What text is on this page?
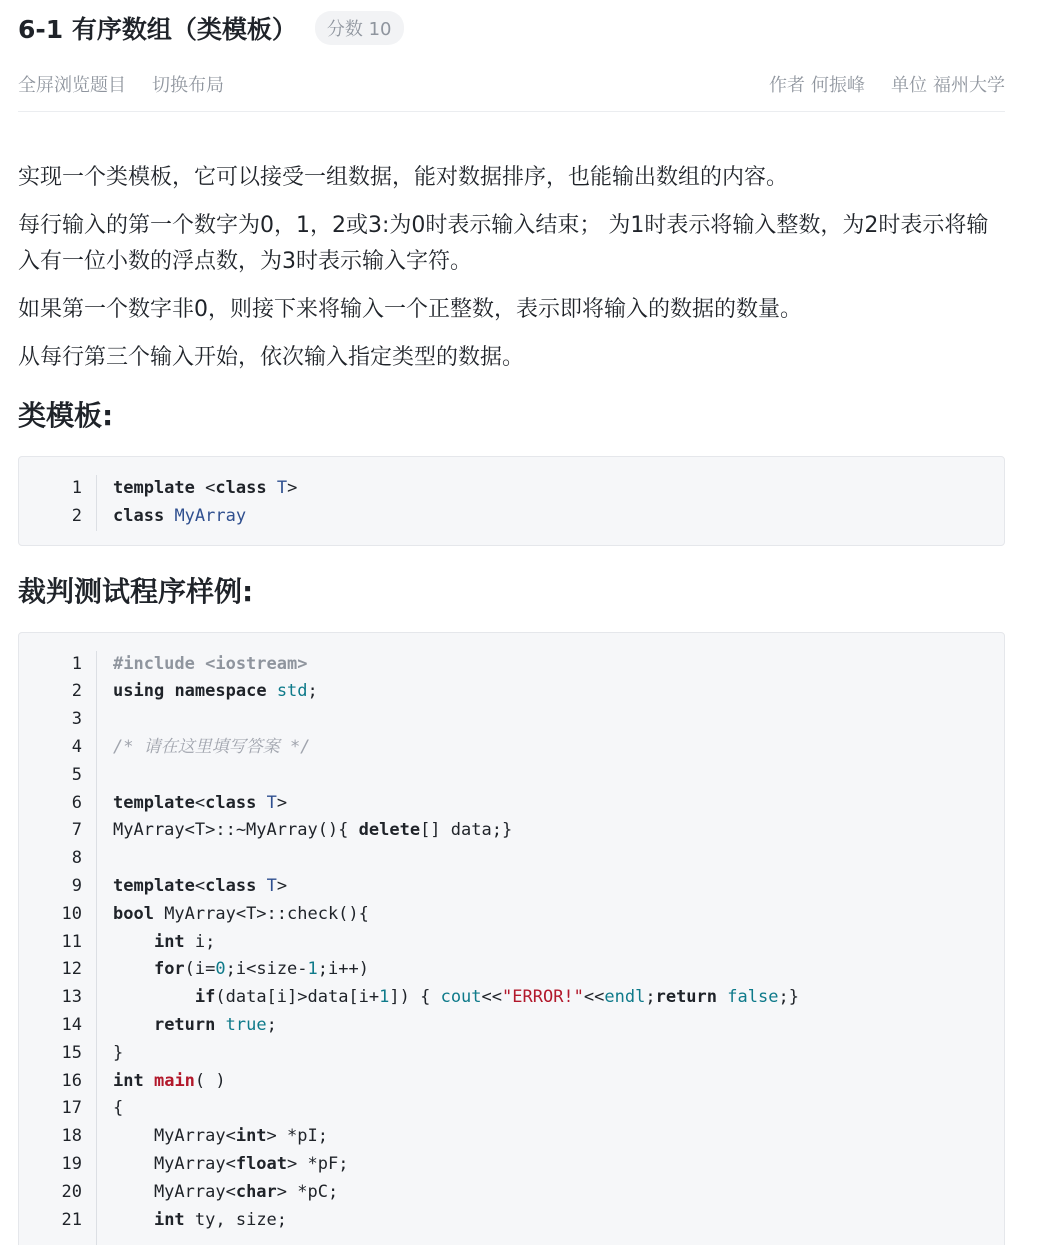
6-1 有序数组（类模板）	分数 10
全屏浏览题目 切换布局	作者 何振峰 单位 福州大学

实现一个类模板，它可以接受一组数据，能对数据排序，也能输出数组的内容。

每行输入的第一个数字为0，1，2或3:为0时表示输入结束； 为1时表示将输入整数，为2时表示将输入有一位小数的浮点数，为3时表示输入字符。

如果第一个数字非0，则接下来将输入一个正整数，表示即将输入的数据的数量。

从每行第三个输入开始，依次输入指定类型的数据。

类模板:
1
2
template <class T>
class MyArray
裁判测试程序样例:
1
2
3
4
5
6
7
8
9
10
11
12
13
14
15
16
17
18
19
20
21
#include <iostream>
using namespace std;
/* 请在这里填写答案 */
template<class T>
MyArray<T>::~MyArray(){ delete[] data;}
template<class T>
bool MyArray<T>::check(){
int i;
for(i=0;i<size-1;i++)
if(data[i]>data[i+1]) { cout<<"ERROR!"<<endl;return false;}
return true;
}
int main( )
{
MyArray<int> *pI;
MyArray<float> *pF;
MyArray<char> *pC;
int ty, size;
